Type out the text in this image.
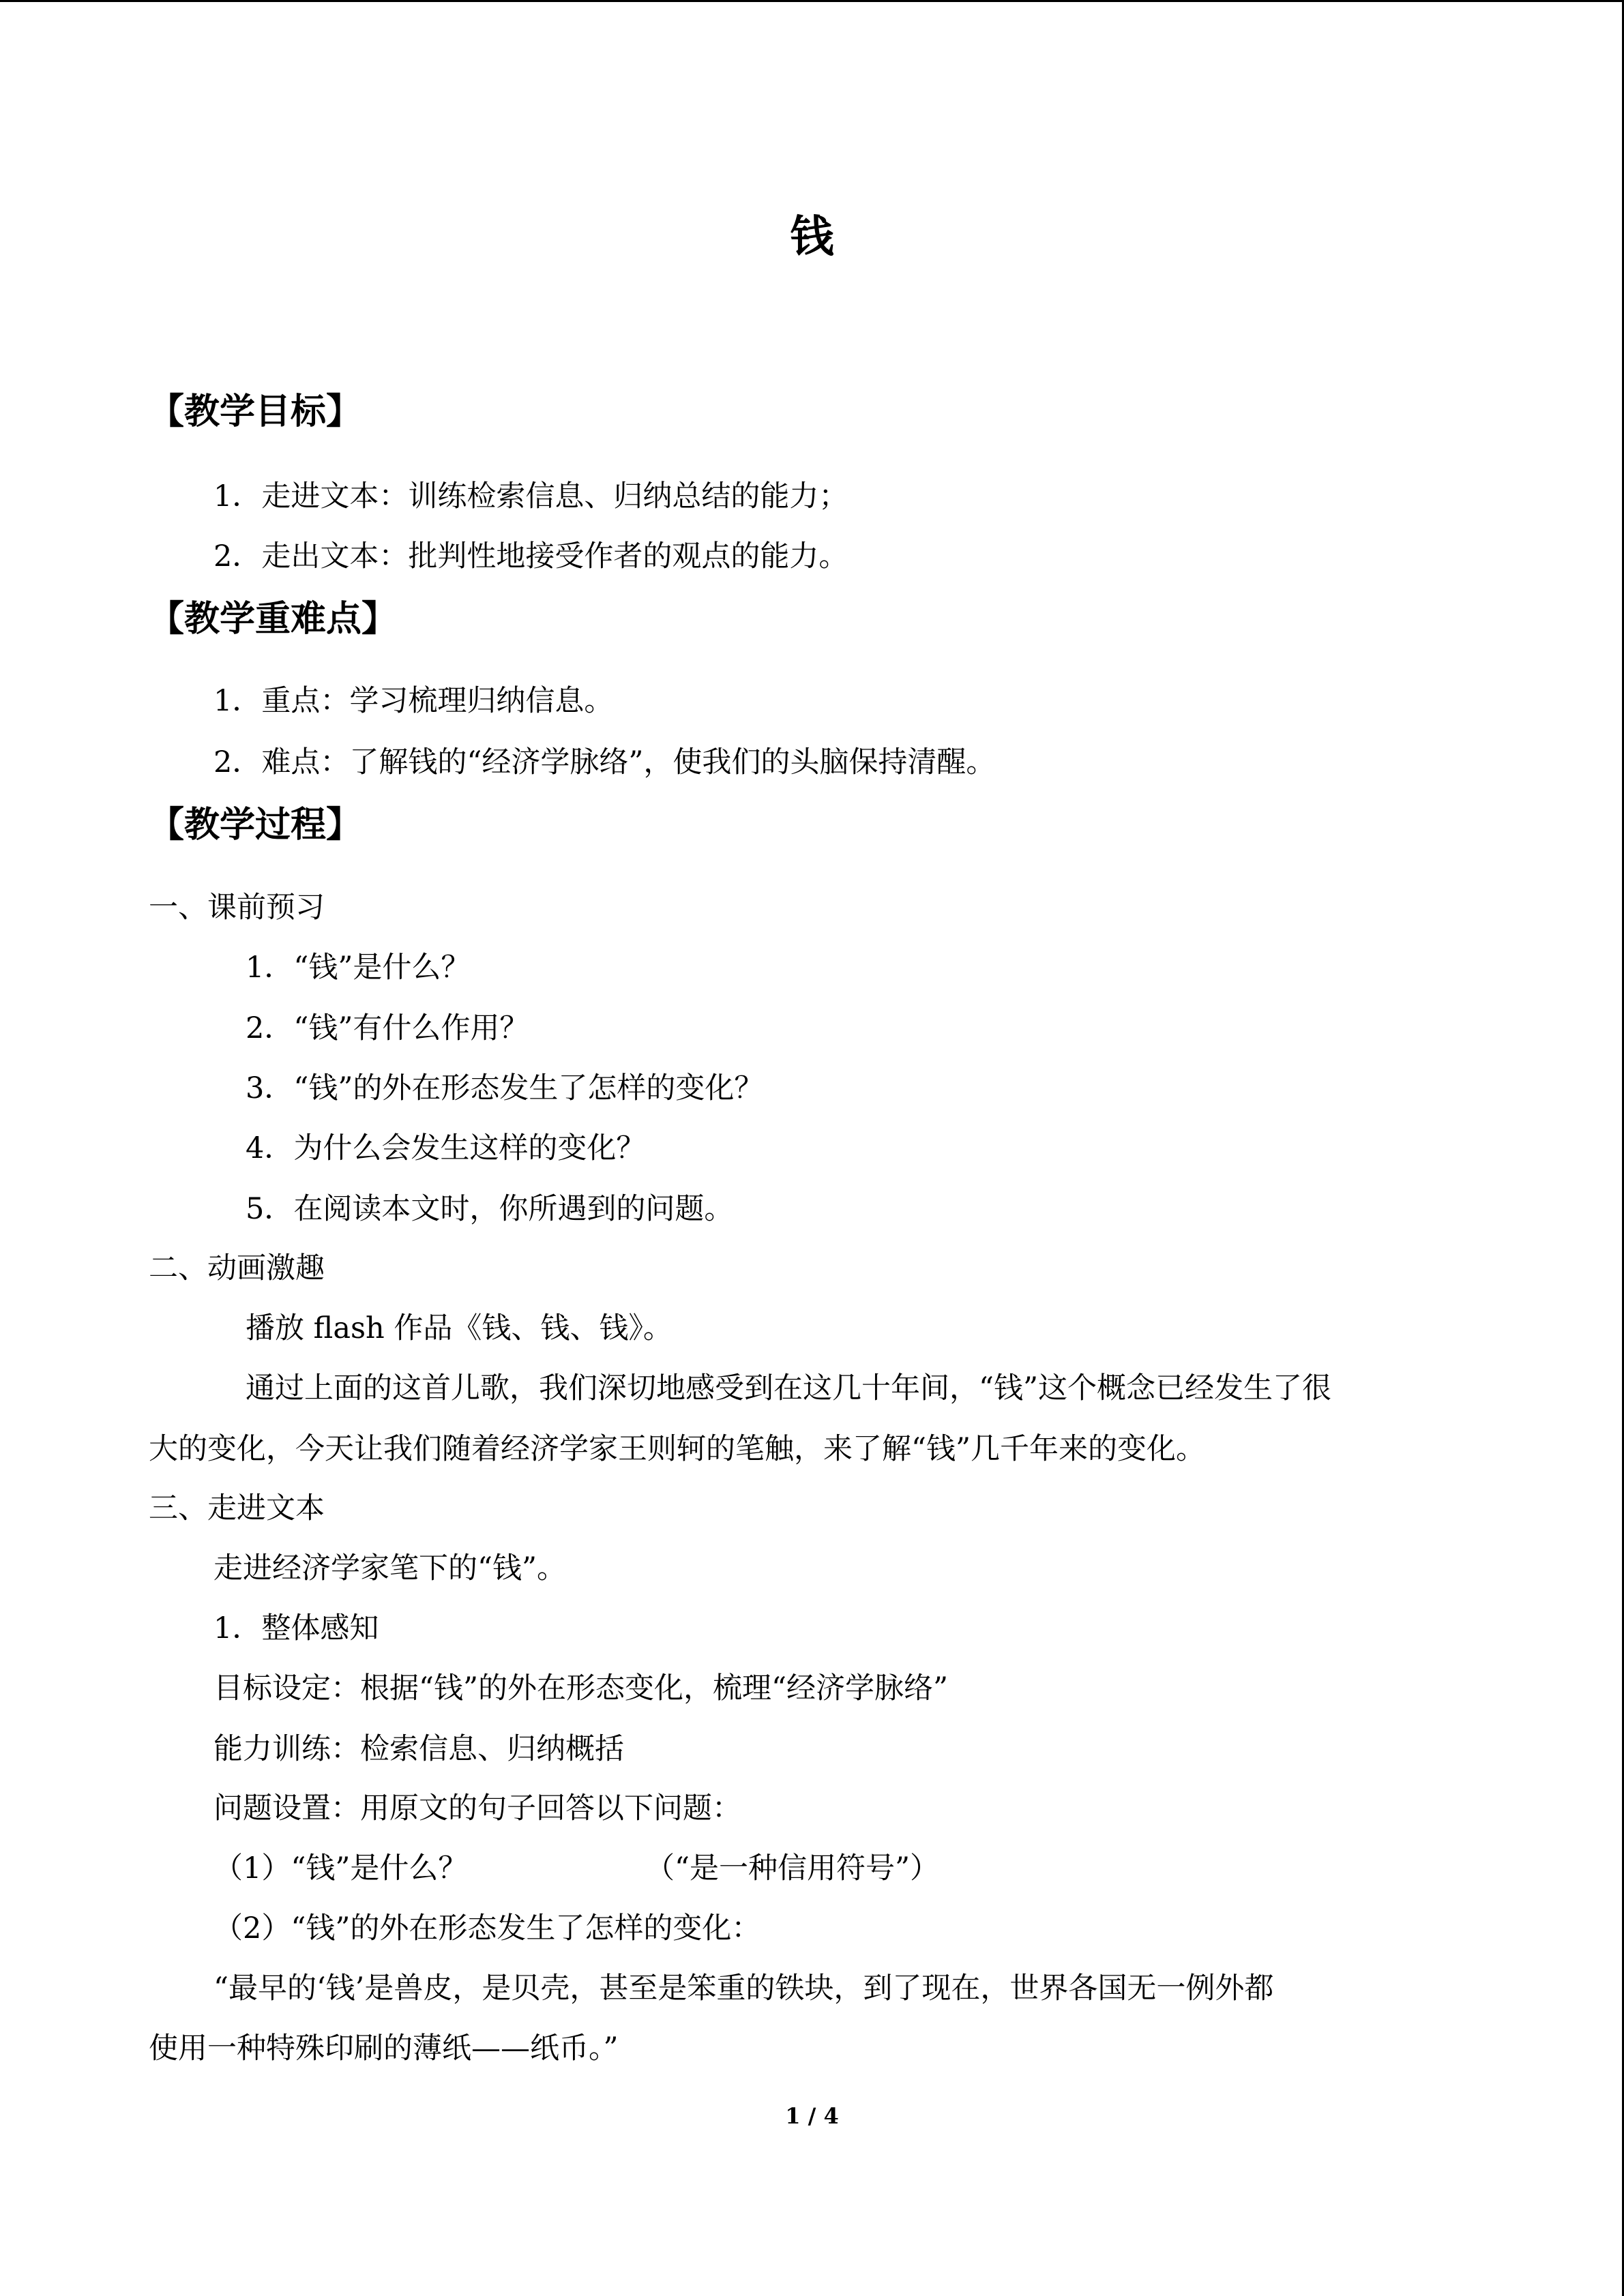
钱
【教学目标】
1．走进文本：训练检索信息、归纳总结的能力；
2．走出文本：批判性地接受作者的观点的能力。
【教学重难点】
1．重点：学习梳理归纳信息。
2．难点：了解钱的“经济学脉络”，使我们的头脑保持清醒。
【教学过程】
一、课前预习
1．“钱”是什么？
2．“钱”有什么作用？
3．“钱”的外在形态发生了怎样的变化？
4．为什么会发生这样的变化？
5．在阅读本文时，你所遇到的问题。
二、动画激趣
播放 flash 作品《钱、钱、钱》。
通过上面的这首儿歌，我们深切地感受到在这几十年间，“钱”这个概念已经发生了很
大的变化，今天让我们随着经济学家王则轲的笔触，来了解“钱”几千年来的变化。
三、走进文本
走进经济学家笔下的“钱”。
1．整体感知
目标设定：根据“钱”的外在形态变化，梳理“经济学脉络”
能力训练：检索信息、归纳概括
问题设置：用原文的句子回答以下问题：
（1）“钱”是什么？	（“是一种信用符号”）
（2）“钱”的外在形态发生了怎样的变化：
“最早的‘钱’是兽皮，是贝壳，甚至是笨重的铁块，到了现在，世界各国无一例外都
使用一种特殊印刷的薄纸——纸币。”
1 / 4
